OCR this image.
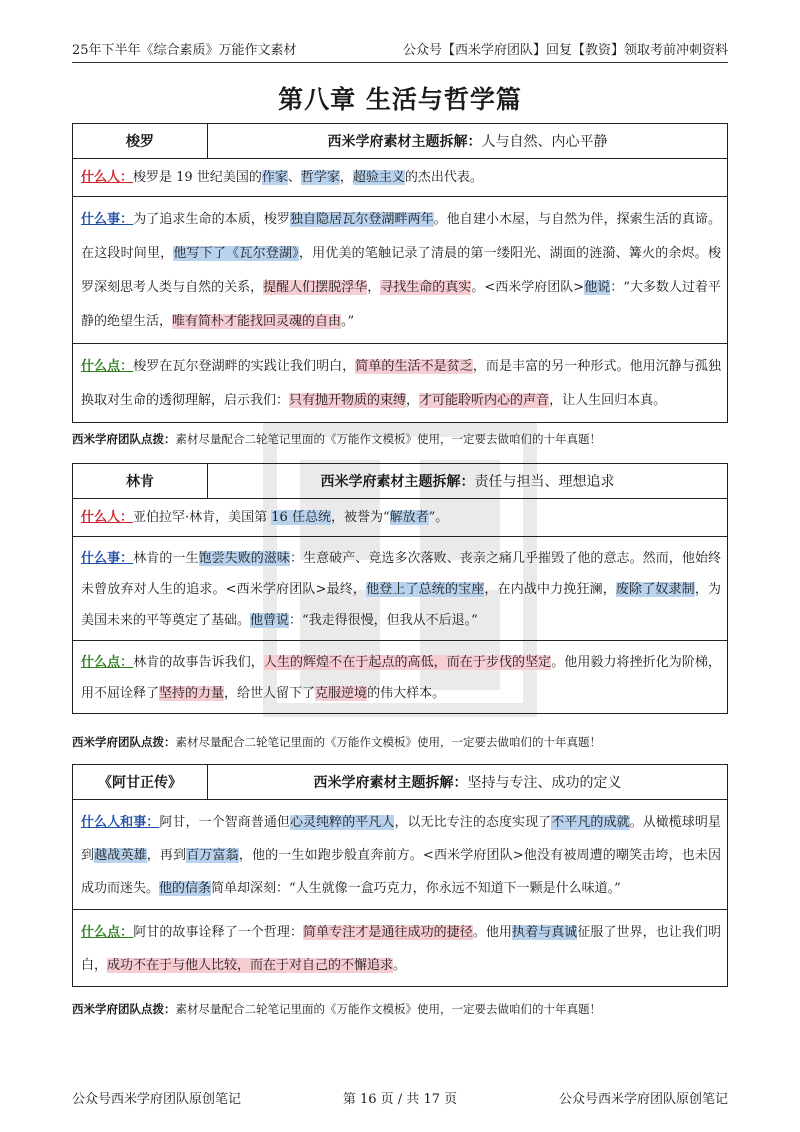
25年下半年《综合素质》万能作文素材	公众号【西米学府团队】回复【教资】领取考前冲刺资料
第八章 生活与哲学篇
梭罗	西米学府素材主题拆解： 人与自然、内心平静
什么人：梭罗是 19 世纪美国的作家、哲学家，超验主义的杰出代表。
什么事：为了追求生命的本质，梭罗独自隐居瓦尔登湖畔两年。他自建小木屋，与自然为伴，探索生活的真谛。在这段时间里，他写下了《瓦尔登湖》，用优美的笔触记录了清晨的第一缕阳光、湖面的涟漪、篝火的余烬。梭罗深刻思考人类与自然的关系，提醒人们摆脱浮华，寻找生命的真实。<西米学府团队>他说：“大多数人过着平静的绝望生活，唯有简朴才能找回灵魂的自由。”
什么点：梭罗在瓦尔登湖畔的实践让我们明白，简单的生活不是贫乏，而是丰富的另一种形式。他用沉静与孤独换取对生命的透彻理解，启示我们：只有抛开物质的束缚，才可能聆听内心的声音，让人生回归本真。
西米学府团队点拨：素材尽量配合二轮笔记里面的《万能作文模板》使用，一定要去做咱们的十年真题！
林肯	西米学府素材主题拆解： 责任与担当、理想追求
什么人：亚伯拉罕·林肯，美国第 16 任总统，被誉为“解放者”。
什么事：林肯的一生饱尝失败的滋味：生意破产、竞选多次落败、丧亲之痛几乎摧毁了他的意志。然而，他始终未曾放弃对人生的追求。<西米学府团队>最终，他登上了总统的宝座，在内战中力挽狂澜，废除了奴隶制，为美国未来的平等奠定了基础。他曾说：“我走得很慢，但我从不后退。”
什么点：林肯的故事告诉我们，人生的辉煌不在于起点的高低，而在于步伐的坚定。他用毅力将挫折化为阶梯，用不屈诠释了坚持的力量，给世人留下了克服逆境的伟大样本。
西米学府团队点拨：素材尽量配合二轮笔记里面的《万能作文模板》使用，一定要去做咱们的十年真题！
《阿甘正传》	西米学府素材主题拆解： 坚持与专注、成功的定义
什么人和事：阿甘，一个智商普通但心灵纯粹的平凡人，以无比专注的态度实现了不平凡的成就。从橄榄球明星到越战英雄，再到百万富翁，他的一生如跑步般直奔前方。<西米学府团队>他没有被周遭的嘲笑击垮，也未因成功而迷失。他的信条简单却深刻：“人生就像一盒巧克力，你永远不知道下一颗是什么味道。”
什么点：阿甘的故事诠释了一个哲理：简单专注才是通往成功的捷径。他用执着与真诚征服了世界，也让我们明白，成功不在于与他人比较，而在于对自己的不懈追求。
西米学府团队点拨：素材尽量配合二轮笔记里面的《万能作文模板》使用，一定要去做咱们的十年真题！
公众号西米学府团队原创笔记	第 16 页 / 共 17 页	公众号西米学府团队原创笔记
